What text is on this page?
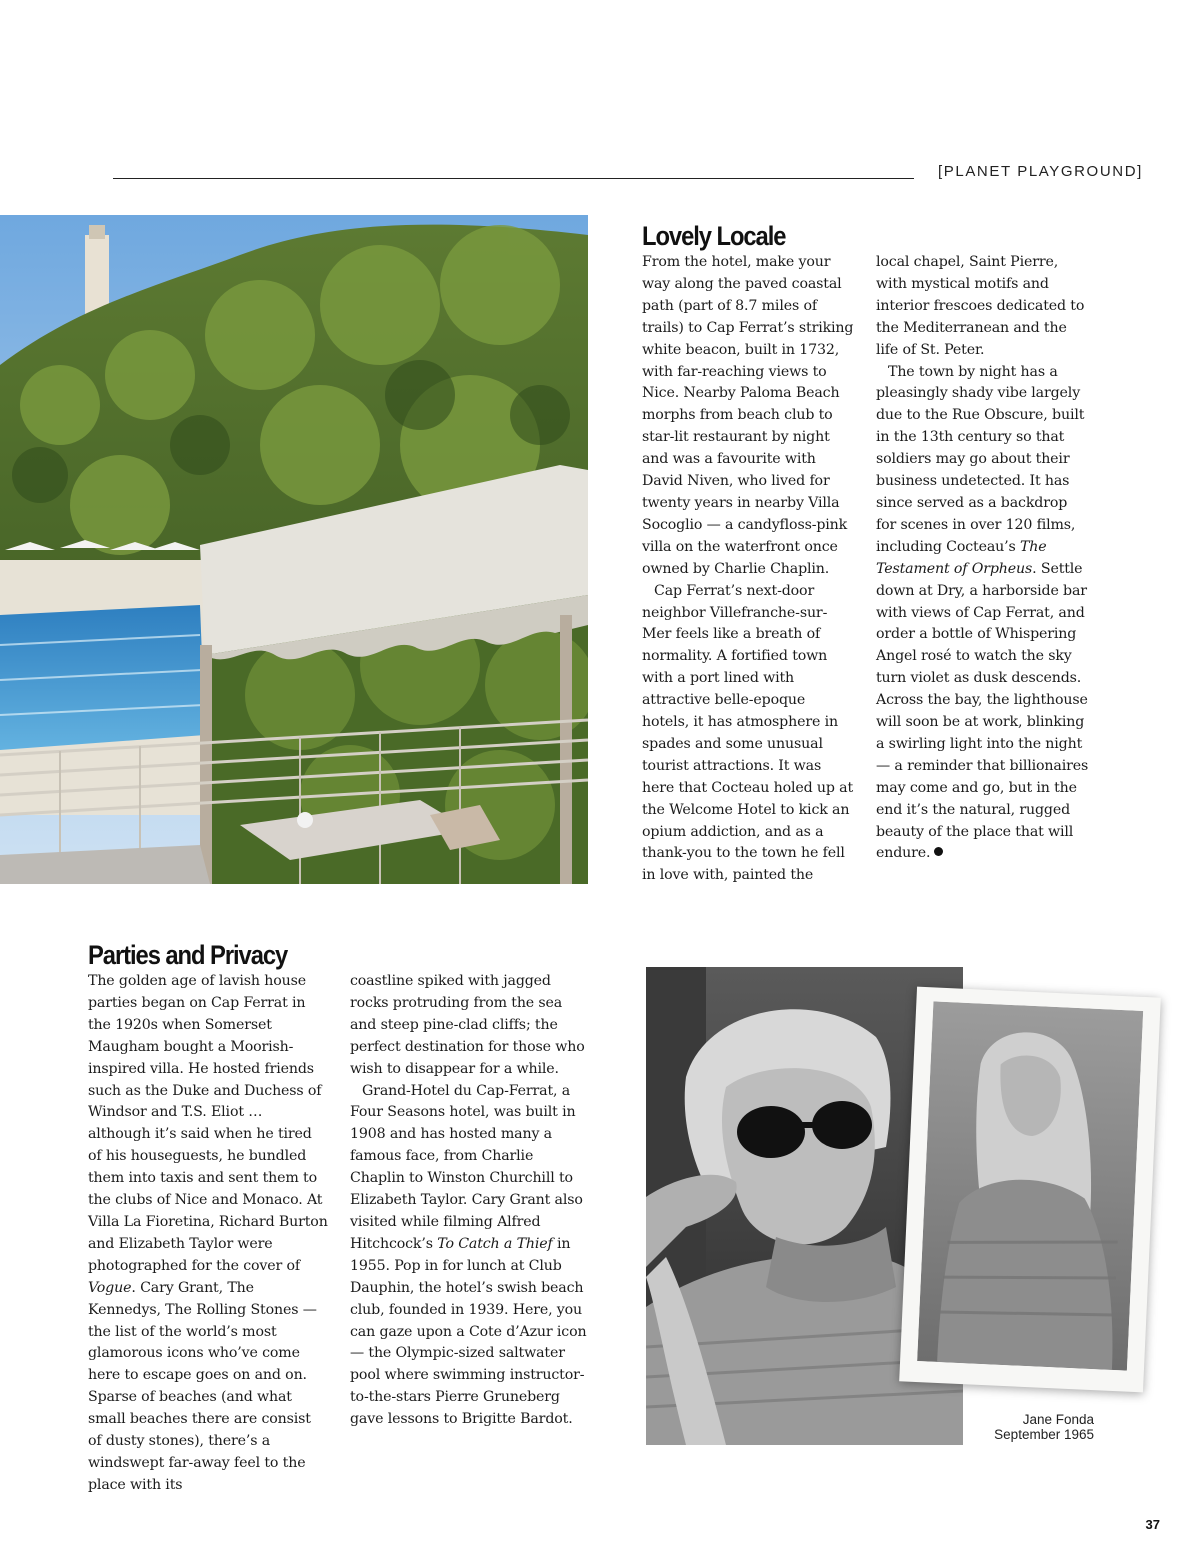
[PLANET PLAYGROUND]
Lovely Locale

From the hotel, make your way along the paved coastal path (part of 8.7 miles of trails) to Cap Ferrat’s striking white beacon, built in 1732, with far-reaching views to Nice. Nearby Paloma Beach morphs from beach club to star-lit restaurant by night and was a favourite with David Niven, who lived for twenty years in nearby Villa Socoglio — a candyfloss-pink villa on the waterfront once owned by Charlie Chaplin.

Cap Ferrat’s next-door neighbor Villefranche-sur-Mer feels like a breath of normality. A fortified town with a port lined with attractive belle-epoque hotels, it has atmosphere in spades and some unusual tourist attractions. It was here that Cocteau holed up at the Welcome Hotel to kick an opium addiction, and as a thank-you to the town he fell in love with, painted the

local chapel, Saint Pierre, with mystical motifs and interior frescoes dedicated to the Mediterranean and the life of St. Peter.

The town by night has a pleasingly shady vibe largely due to the Rue Obscure, built in the 13th century so that soldiers may go about their business undetected. It has since served as a backdrop for scenes in over 120 films, including Cocteau’s The Testament of Orpheus. Settle down at Dry, a harborside bar with views of Cap Ferrat, and order a bottle of Whispering Angel rosé to watch the sky turn violet as dusk descends. Across the bay, the lighthouse will soon be at work, blinking a swirling light into the night — a reminder that billionaires may come and go, but in the end it’s the natural, rugged beauty of the place that will endure.

Parties and Privacy

The golden age of lavish house parties began on Cap Ferrat in the 1920s when Somerset Maugham bought a Moorish-inspired villa. He hosted friends such as the Duke and Duchess of Windsor and T.S. Eliot … although it’s said when he tired of his houseguests, he bundled them into taxis and sent them to the clubs of Nice and Monaco. At Villa La Fioretina, Richard Burton and Elizabeth Taylor were photographed for the cover of Vogue. Cary Grant, The Kennedys, The Rolling Stones — the list of the world’s most glamorous icons who’ve come here to escape goes on and on. Sparse of beaches (and what small beaches there are consist of dusty stones), there’s a windswept far-away feel to the place with its

coastline spiked with jagged rocks protruding from the sea and steep pine-clad cliffs; the perfect destination for those who wish to disappear for a while.

Grand-Hotel du Cap-Ferrat, a Four Seasons hotel, was built in 1908 and has hosted many a famous face, from Charlie Chaplin to Winston Churchill to Elizabeth Taylor. Cary Grant also visited while filming Alfred Hitchcock’s To Catch a Thief in 1955. Pop in for lunch at Club Dauphin, the hotel’s swish beach club, founded in 1939. Here, you can gaze upon a Cote d’Azur icon — the Olympic-sized saltwater pool where swimming instructor-to-the-stars Pierre Gruneberg gave lessons to Brigitte Bardot.	Jane Fonda
September 1965
37
